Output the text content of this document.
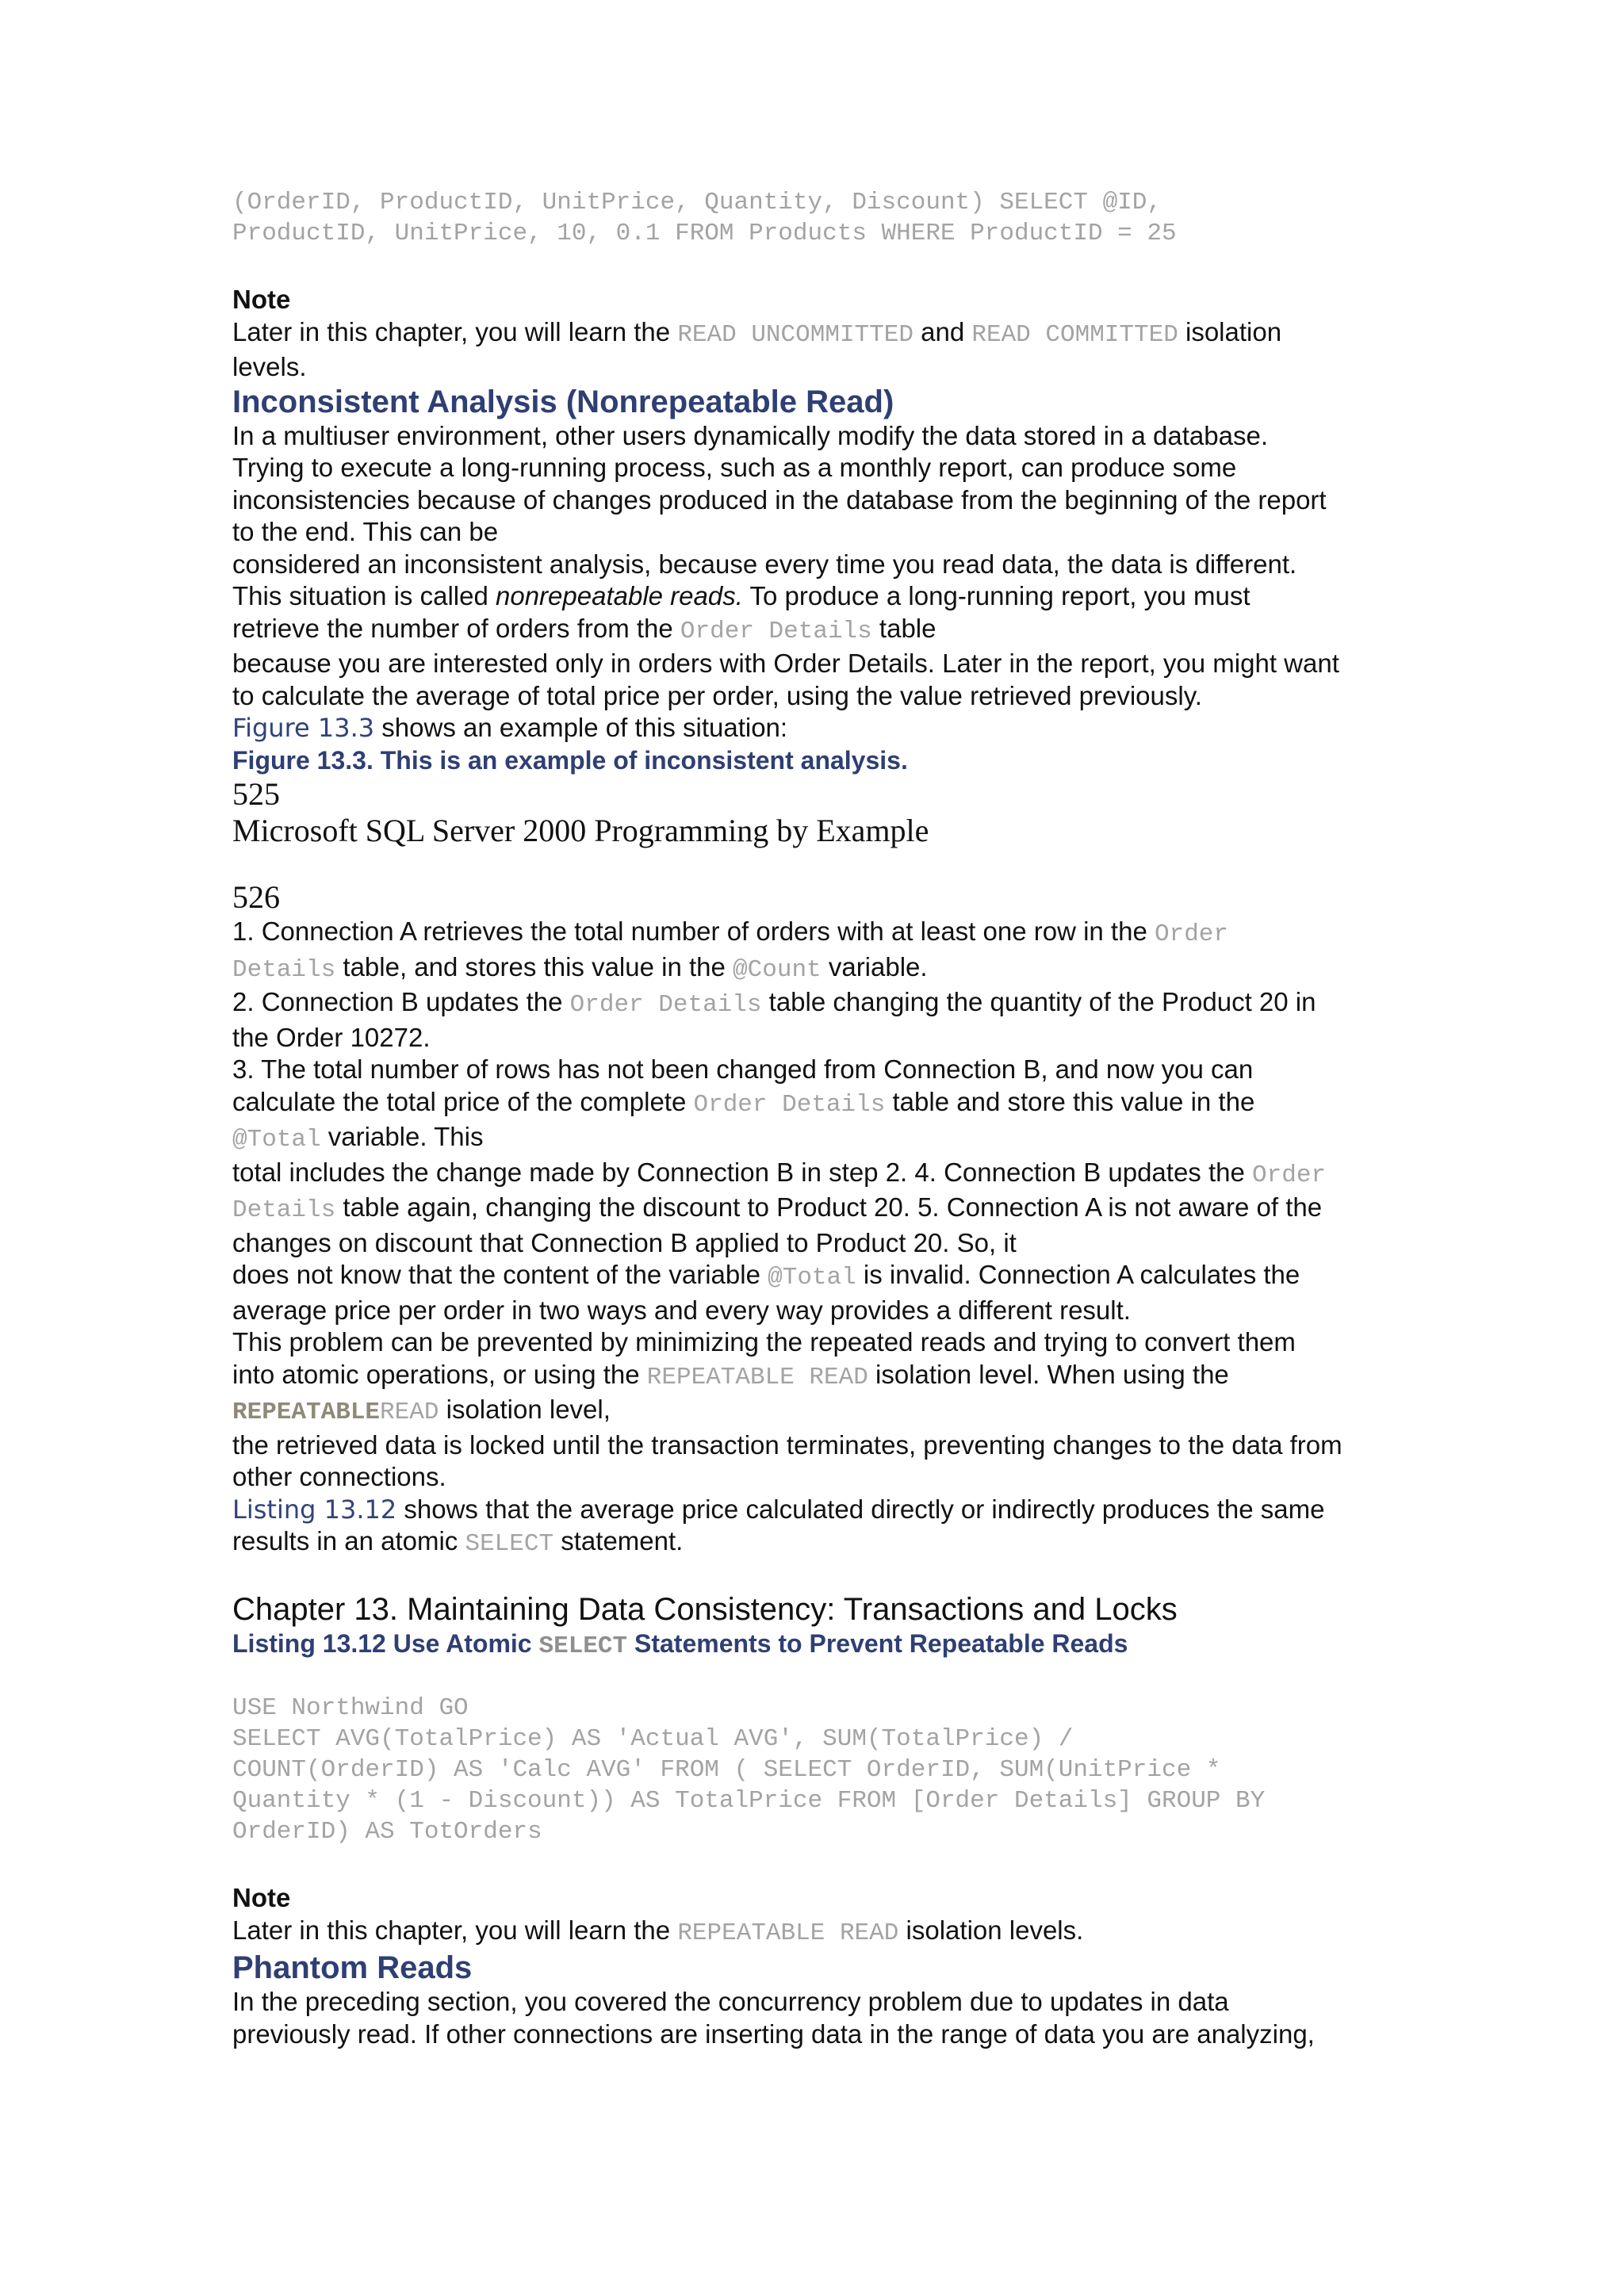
(OrderID, ProductID, UnitPrice, Quantity, Discount) SELECT @ID,
ProductID, UnitPrice, 10, 0.1 FROM Products WHERE ProductID = 25
Note
Later in this chapter, you will learn the READ UNCOMMITTED and READ COMMITTED isolation
levels.
Inconsistent Analysis (Nonrepeatable Read)
In a multiuser environment, other users dynamically modify the data stored in a database.
Trying to execute a long-running process, such as a monthly report, can produce some
inconsistencies because of changes produced in the database from the beginning of the report
to the end. This can be
considered an inconsistent analysis, because every time you read data, the data is different.
This situation is called nonrepeatable reads. To produce a long-running report, you must
retrieve the number of orders from the Order Details table
because you are interested only in orders with Order Details. Later in the report, you might want
to calculate the average of total price per order, using the value retrieved previously.
Figure 13.3 shows an example of this situation:
Figure 13.3. This is an example of inconsistent analysis.
525
Microsoft SQL Server 2000 Programming by Example
526
1. Connection A retrieves the total number of orders with at least one row in the Order
Details table, and stores this value in the @Count variable.
2. Connection B updates the Order Details table changing the quantity of the Product 20 in
the Order 10272.
3. The total number of rows has not been changed from Connection B, and now you can
calculate the total price of the complete Order Details table and store this value in the
@Total variable. This
total includes the change made by Connection B in step 2. 4. Connection B updates the Order
Details table again, changing the discount to Product 20. 5. Connection A is not aware of the
changes on discount that Connection B applied to Product 20. So, it
does not know that the content of the variable @Total is invalid. Connection A calculates the
average price per order in two ways and every way provides a different result.
This problem can be prevented by minimizing the repeated reads and trying to convert them
into atomic operations, or using the REPEATABLE READ isolation level. When using the
REPEATABLEREAD isolation level,
the retrieved data is locked until the transaction terminates, preventing changes to the data from
other connections.
Listing 13.12 shows that the average price calculated directly or indirectly produces the same
results in an atomic SELECT statement.
Chapter 13. Maintaining Data Consistency: Transactions and Locks
Listing 13.12 Use Atomic SELECT Statements to Prevent Repeatable Reads
USE Northwind GO
SELECT AVG(TotalPrice) AS 'Actual AVG', SUM(TotalPrice) /
COUNT(OrderID) AS 'Calc AVG' FROM ( SELECT OrderID, SUM(UnitPrice *
Quantity * (1 - Discount)) AS TotalPrice FROM [Order Details] GROUP BY
OrderID) AS TotOrders
Note
Later in this chapter, you will learn the REPEATABLE READ isolation levels.
Phantom Reads
In the preceding section, you covered the concurrency problem due to updates in data
previously read. If other connections are inserting data in the range of data you are analyzing,
